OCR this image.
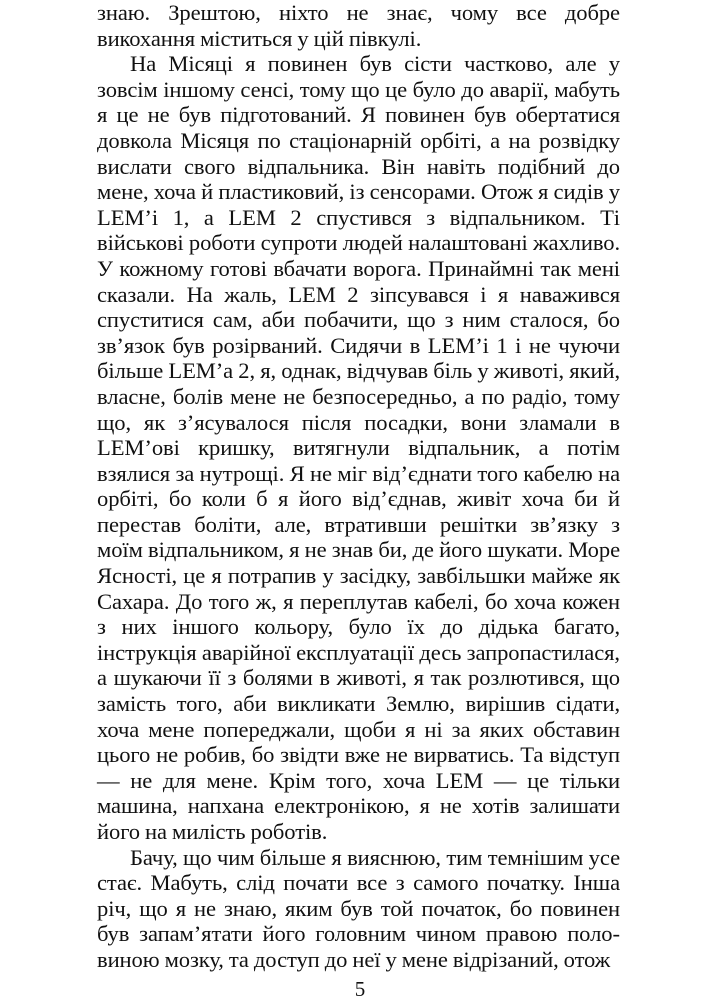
знаю. Зрештою, ніхто не знає, чому все добре викохання міститься у цій півкулі.

На Місяці я повинен був сісти частково, але у зовсім іншому сенсі, тому що це було до аварії, мабуть я це не був підготований. Я повинен був обертатися довкола Місяця по стаціонарній орбіті, а на розвідку вислати свого відпальника. Він навіть подібний до мене, хоча й пластиковий, із сенсорами. Отож я сидів у LEM’і 1, а LEM 2 спустився з відпальником. Ті військові роботи супроти людей налаштовані жахливо. У кожному готові вбачати ворога. Принаймні так мені сказали. На жаль, LEM 2 зіпсувався і я наважився спуститися сам, аби побачити, що з ним сталося, бо зв’язок був розірваний. Сидячи в LEM’і 1 і не чуючи більше LEM’а 2, я, однак, відчував біль у животі, який, власне, болів мене не безпосередньо, а по радіо, тому що, як з’ясувалося після посадки, вони зламали в LEM’ові кришку, витягнули відпальник, а потім взялися за нутрощі. Я не міг від’єднати того кабелю на орбіті, бо коли б я його від’єднав, живіт хоча би й перестав боліти, але, втративши решітки зв’язку з моїм відпальником, я не знав би, де його шукати. Море Ясності, це я потрапив у засідку, завбільшки майже як Сахара. До того ж, я переплутав кабелі, бо хоча кожен з них іншого кольору, було їх до дідька багато, інструкція аварійної експлуатації десь запропастилася, а шукаючи її з болями в животі, я так розлютився, що замість того, аби викликати Землю, вирішив сідати, хоча мене попереджали, щоби я ні за яких обставин цього не робив, бо звідти вже не вирватись. Та відступ — не для мене. Крім того, хоча LEM — це тільки машина, напхана електронікою, я не хотів залишати його на милість роботів.

Бачу, що чим більше я вияснюю, тим темнішим усе стає. Мабуть, слід почати все з самого початку. Іншa річ, що я не знаю, яким був той початок, бо повинен був запам’ятати його головним чином правою половиною мозку, та доступ до неї у мене відрізаний, отож

5
